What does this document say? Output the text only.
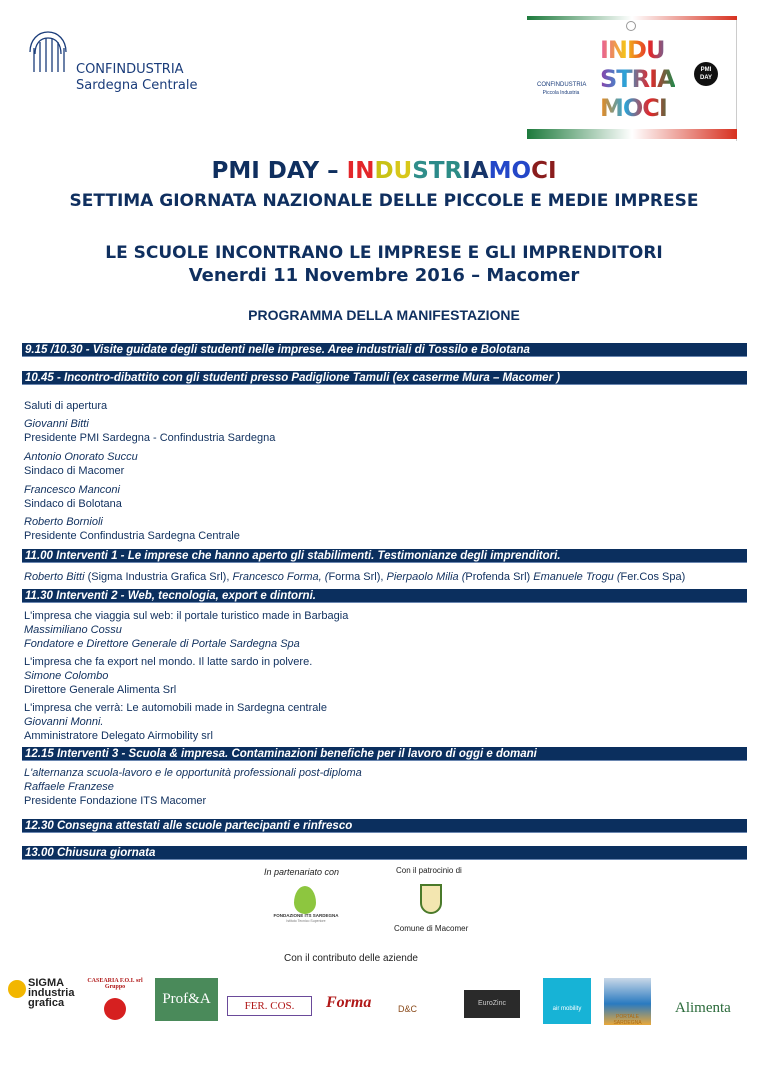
CONFINDUSTRIA
Sardegna Centrale	CONFINDUSTRIA
Piccola Industria
INDU
STRIA
MOCI
PMI DAY
PMI DAY – INDUSTRIAMOCI
SETTIMA GIORNATA NAZIONALE DELLE PICCOLE E MEDIE IMPRESE
LE SCUOLE INCONTRANO LE IMPRESE E GLI IMPRENDITORI
Venerdi 11 Novembre 2016 – Macomer
PROGRAMMA DELLA MANIFESTAZIONE
9.15 /10.30 - Visite guidate degli studenti nelle imprese. Aree industriali di Tossilo e Bolotana
10.45 - Incontro-dibattito con gli studenti presso Padiglione Tamuli (ex caserme Mura – Macomer )
Saluti di apertura
Giovanni Bitti
Presidente PMI Sardegna - Confindustria Sardegna
Antonio Onorato Succu
Sindaco di Macomer
Francesco Manconi
Sindaco di Bolotana
Roberto Bornioli
Presidente Confindustria Sardegna Centrale
11.00 Interventi 1 - Le imprese che hanno aperto gli stabilimenti. Testimonianze degli imprenditori.
Roberto Bitti (Sigma Industria Grafica Srl), Francesco Forma, (Forma Srl), Pierpaolo Milia (Profenda Srl) Emanuele Trogu (Fer.Cos Spa)
11.30 Interventi 2 - Web, tecnologia, export e dintorni.
L'impresa che viaggia sul web: il portale turistico made in Barbagia
Massimiliano Cossu
Fondatore e Direttore Generale di Portale Sardegna Spa
L'impresa che fa export nel mondo. Il latte sardo in polvere.
Simone Colombo
Direttore Generale Alimenta Srl
L'impresa che verrà: Le automobili made in Sardegna centrale
Giovanni Monni.
Amministratore Delegato Airmobility srl
12.15 Interventi 3 - Scuola & impresa. Contaminazioni benefiche per il lavoro di oggi e domani
L'alternanza scuola-lavoro e le opportunità professionali post-diploma
Raffaele Franzese
Presidente Fondazione ITS Macomer
12.30 Consegna attestati alle scuole partecipanti e rinfresco
13.00 Chiusura giornata
In partenariato con
FONDAZIONE ITS SARDEGNA
Istituto Tecnico Superiore
Con il patrocinio di
Comune di Macomer
Con il contributo delle aziende
SIGMA industria grafica
CASEARIA F.O.I. srl Gruppo
Prof&A	FER. COS.	Forma	D&C
EuroZinc
air mobility
PORTALE SARDEGNA
Alimenta
